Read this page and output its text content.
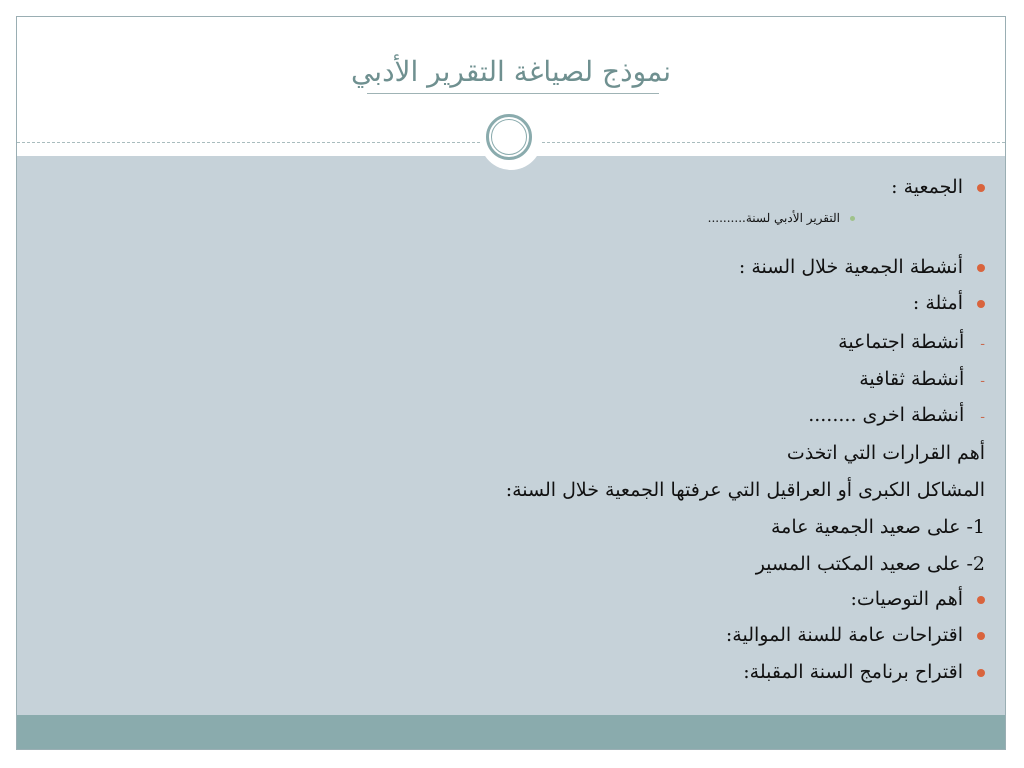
نموذج لصياغة التقرير الأدبي
الجمعية :
التقرير الأدبي لسنة..........
أنشطة الجمعية خلال السنة :
أمثلة :
-أنشطة اجتماعية
-أنشطة ثقافية
-أنشطة اخرى ........
أهم القرارات التي اتخذت
المشاكل الكبرى أو العراقيل التي عرفتها الجمعية خلال السنة:
1- على صعيد الجمعية عامة
2- على صعيد المكتب المسير
أهم التوصيات:
اقتراحات عامة للسنة الموالية:
اقتراح برنامج السنة المقبلة:
